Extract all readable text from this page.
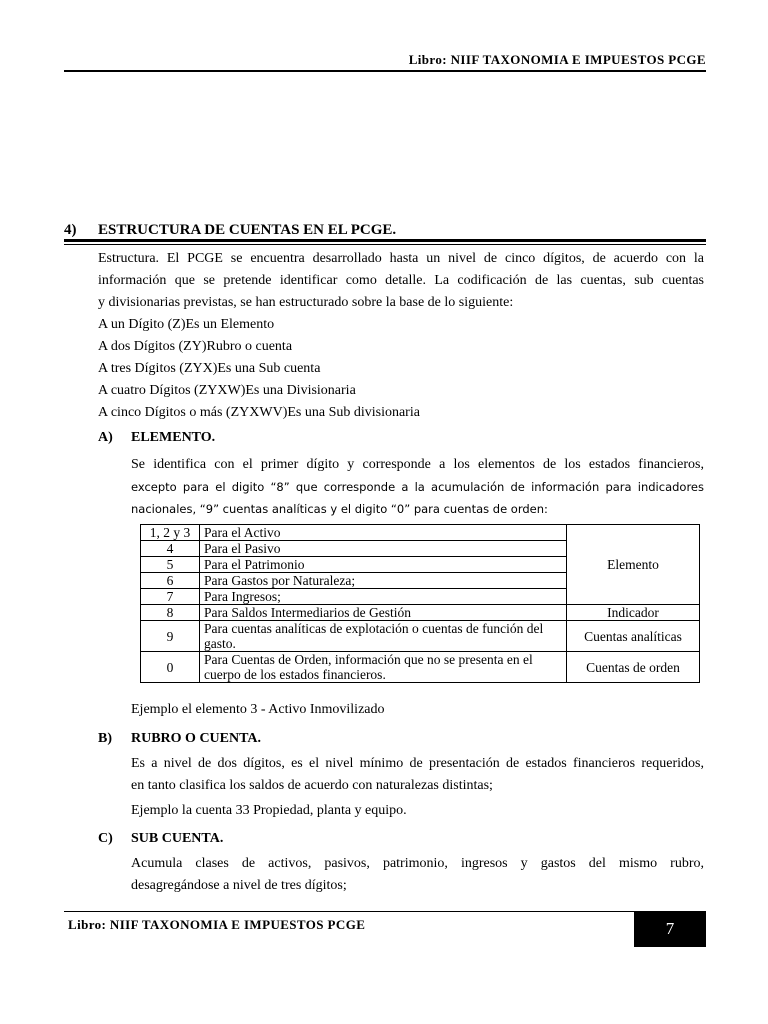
Libro: NIIF TAXONOMIA E IMPUESTOS PCGE
4) ESTRUCTURA DE CUENTAS EN EL PCGE.
Estructura. El PCGE se encuentra desarrollado hasta un nivel de cinco dígitos, de acuerdo con la
información que se pretende identificar como detalle. La codificación de las cuentas, sub cuentas
y divisionarias previstas, se han estructurado sobre la base de lo siguiente:
A un Dígito (Z)Es un Elemento
A dos Dígitos (ZY)Rubro o cuenta
A tres Dígitos (ZYX)Es una Sub cuenta
A cuatro Dígitos (ZYXW)Es una Divisionaria
A cinco Dígitos o más (ZYXWV)Es una Sub divisionaria
A) ELEMENTO.
Se identifica con el primer dígito y corresponde a los elementos de los estados financieros,
excepto para el digito “8” que corresponde a la acumulación de información para indicadores
nacionales, “9” cuentas analíticas y el digito “0” para cuentas de orden:
1, 2 y 3	Para el Activo	Elemento
4	Para el Pasivo	
5	Para el Patrimonio	
6	Para Gastos por Naturaleza;	
7	Para Ingresos;	
8	Para Saldos Intermediarios de Gestión	Indicador
9	Para cuentas analíticas de explotación o cuentas de función del gasto.	Cuentas analíticas
0	Para Cuentas de Orden, información que no se presenta en el cuerpo de los estados financieros.	Cuentas de orden
Ejemplo el elemento 3 - Activo Inmovilizado
B) RUBRO O CUENTA.
Es a nivel de dos dígitos, es el nivel mínimo de presentación de estados financieros requeridos,
en tanto clasifica los saldos de acuerdo con naturalezas distintas;
Ejemplo la cuenta 33 Propiedad, planta y equipo.
C) SUB CUENTA.
Acumula clases de activos, pasivos, patrimonio, ingresos y gastos del mismo rubro,
desagregándose a nivel de tres dígitos;
Libro: NIIF TAXONOMIA E IMPUESTOS PCGE	7
